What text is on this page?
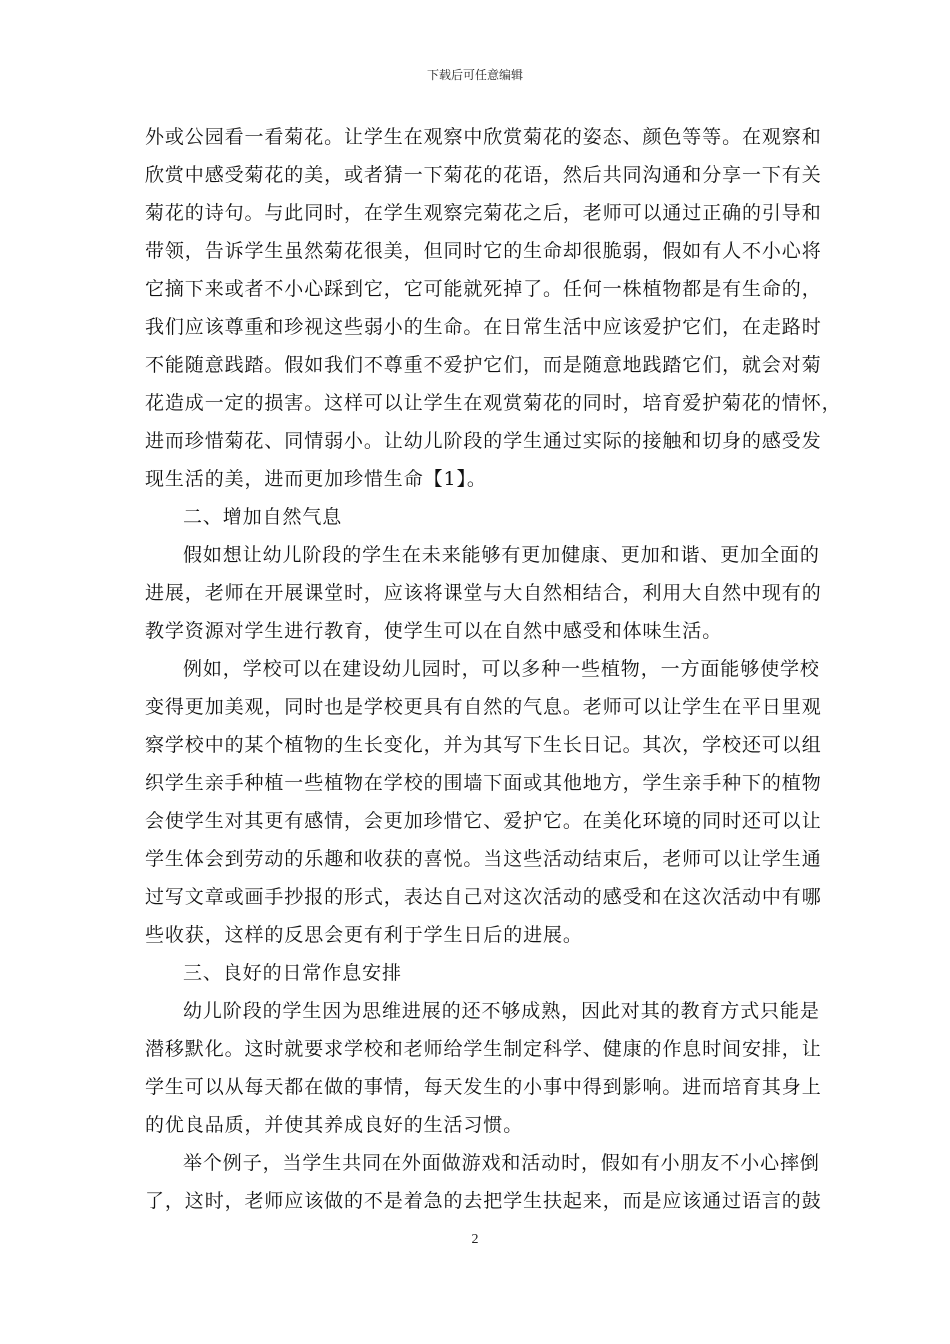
下载后可任意编辑
外或公园看一看菊花。让学生在观察中欣赏菊花的姿态、颜色等等。在观察和
欣赏中感受菊花的美，或者猜一下菊花的花语，然后共同沟通和分享一下有关
菊花的诗句。与此同时，在学生观察完菊花之后，老师可以通过正确的引导和
带领，告诉学生虽然菊花很美，但同时它的生命却很脆弱，假如有人不小心将
它摘下来或者不小心踩到它，它可能就死掉了。任何一株植物都是有生命的，
我们应该尊重和珍视这些弱小的生命。在日常生活中应该爱护它们，在走路时
不能随意践踏。假如我们不尊重不爱护它们，而是随意地践踏它们，就会对菊
花造成一定的损害。这样可以让学生在观赏菊花的同时，培育爱护菊花的情怀，
进而珍惜菊花、同情弱小。让幼儿阶段的学生通过实际的接触和切身的感受发
现生活的美，进而更加珍惜生命【1】。
二、增加自然气息
假如想让幼儿阶段的学生在未来能够有更加健康、更加和谐、更加全面的
进展，老师在开展课堂时，应该将课堂与大自然相结合，利用大自然中现有的
教学资源对学生进行教育，使学生可以在自然中感受和体味生活。
例如，学校可以在建设幼儿园时，可以多种一些植物，一方面能够使学校
变得更加美观，同时也是学校更具有自然的气息。老师可以让学生在平日里观
察学校中的某个植物的生长变化，并为其写下生长日记。其次，学校还可以组
织学生亲手种植一些植物在学校的围墙下面或其他地方，学生亲手种下的植物
会使学生对其更有感情，会更加珍惜它、爱护它。在美化环境的同时还可以让
学生体会到劳动的乐趣和收获的喜悦。当这些活动结束后，老师可以让学生通
过写文章或画手抄报的形式，表达自己对这次活动的感受和在这次活动中有哪
些收获，这样的反思会更有利于学生日后的进展。
三、良好的日常作息安排
幼儿阶段的学生因为思维进展的还不够成熟，因此对其的教育方式只能是
潜移默化。这时就要求学校和老师给学生制定科学、健康的作息时间安排，让
学生可以从每天都在做的事情，每天发生的小事中得到影响。进而培育其身上
的优良品质，并使其养成良好的生活习惯。
举个例子，当学生共同在外面做游戏和活动时，假如有小朋友不小心摔倒
了，这时，老师应该做的不是着急的去把学生扶起来，而是应该通过语言的鼓
2
